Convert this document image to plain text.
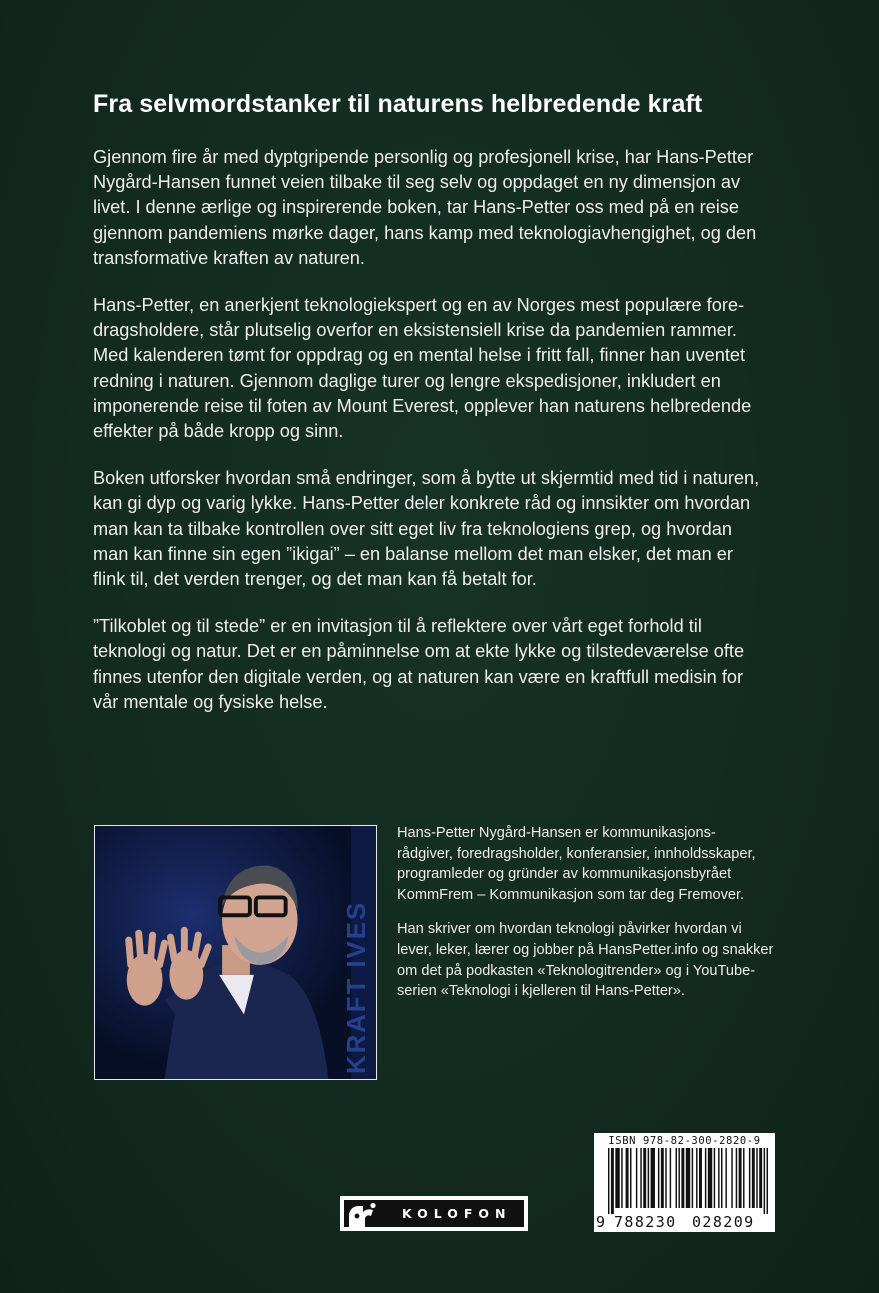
Fra selvmordstanker til naturens helbredende kraft

Gjennom fire år med dyptgripende personlig og profesjonell krise, har Hans-Petter
Nygård-Hansen funnet veien tilbake til seg selv og oppdaget en ny dimensjon av
livet. I denne ærlige og inspirerende boken, tar Hans-Petter oss med på en reise
gjennom pandemiens mørke dager, hans kamp med teknologiavhengighet, og den
transformative kraften av naturen.

Hans-Petter, en anerkjent teknologiekspert og en av Norges mest populære fore-
dragsholdere, står plutselig overfor en eksistensiell krise da pandemien rammer.
Med kalenderen tømt for oppdrag og en mental helse i fritt fall, finner han uventet
redning i naturen. Gjennom daglige turer og lengre ekspedisjoner, inkludert en
imponerende reise til foten av Mount Everest, opplever han naturens helbredende
effekter på både kropp og sinn.

Boken utforsker hvordan små endringer, som å bytte ut skjermtid med tid i naturen,
kan gi dyp og varig lykke. Hans-Petter deler konkrete råd og innsikter om hvordan
man kan ta tilbake kontrollen over sitt eget liv fra teknologiens grep, og hvordan
man kan finne sin egen ”ikigai” – en balanse mellom det man elsker, det man er
flink til, det verden trenger, og det man kan få betalt for.

”Tilkoblet og til stede” er en invitasjon til å reflektere over vårt eget forhold til
teknologi og natur. Det er en påminnelse om at ekte lykke og tilstedeværelse ofte
finnes utenfor den digitale verden, og at naturen kan være en kraftfull medisin for
vår mentale og fysiske helse.

KRAFT IVES

Hans-Petter Nygård-Hansen er kommunikasjons-
rådgiver, foredragsholder, konferansier, innholdsskaper,
programleder og gründer av kommunikasjonsbyrået
KommFrem – Kommunikasjon som tar deg Fremover.

Han skriver om hvordan teknologi påvirker hvordan vi
lever, leker, lærer og jobber på HansPetter.info og snakker
om det på podkasten «Teknologitrender» og i YouTube-
serien «Teknologi i kjelleren til Hans-Petter».

ISBN 978-82-300-2820-9
9 788230 028209
KOLOFON
